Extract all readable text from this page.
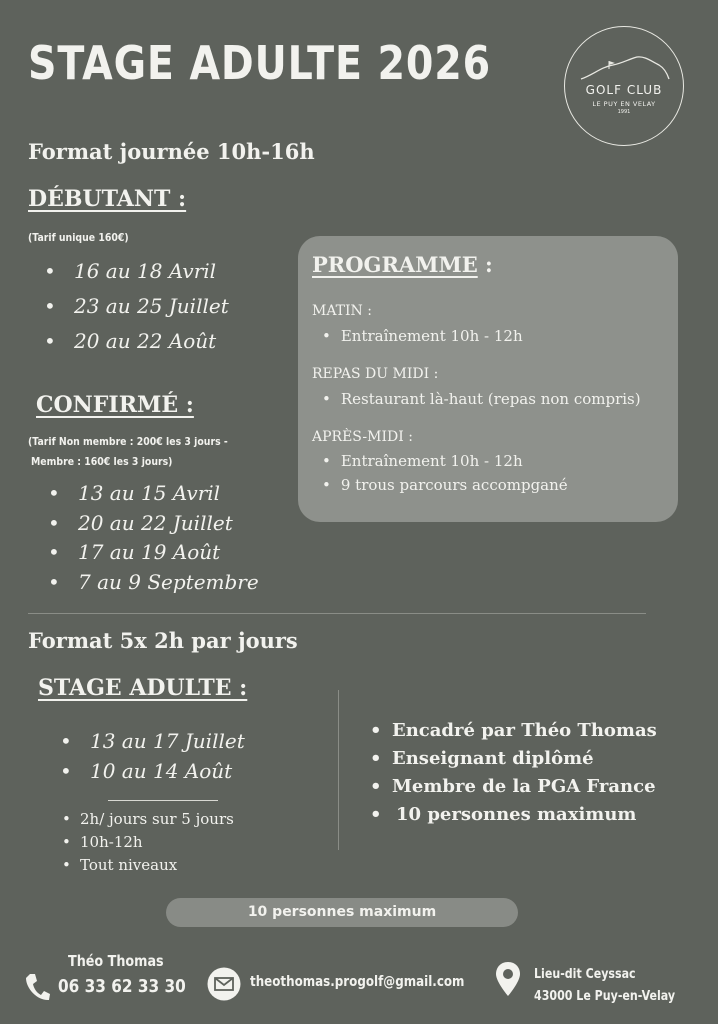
STAGE ADULTE 2026	GOLF CLUB
LE PUY EN VELAY
1991
Format journée 10h-16h
DÉBUTANT :
(Tarif unique 160€)
• 16 au 18 Avril
• 23 au 25 Juillet
• 20 au 22 Août
CONFIRMÉ :
(Tarif Non membre : 200€ les 3 jours -
Membre : 160€ les 3 jours)
• 13 au 15 Avril
• 20 au 22 Juillet
• 17 au 19 Août
• 7 au 9 Septembre
PROGRAMME :
MATIN :
• Entraînement 10h - 12h
REPAS DU MIDI :
• Restaurant là-haut (repas non compris)
APRÈS-MIDI :
• Entraînement 10h - 12h
• 9 trous parcours accompgané
Format 5x 2h par jours
STAGE ADULTE :
• 13 au 17 Juillet
• 10 au 14 Août
• 2h/ jours sur 5 jours
• 10h-12h
• Tout niveaux
• Encadré par Théo Thomas
• Enseignant diplômé
• Membre de la PGA France
• 10 personnes maximum
10 personnes maximum
Théo Thomas
06 33 62 33 30	theothomas.progolf@gmail.com	Lieu-dit Ceyssac
43000 Le Puy-en-Velay
